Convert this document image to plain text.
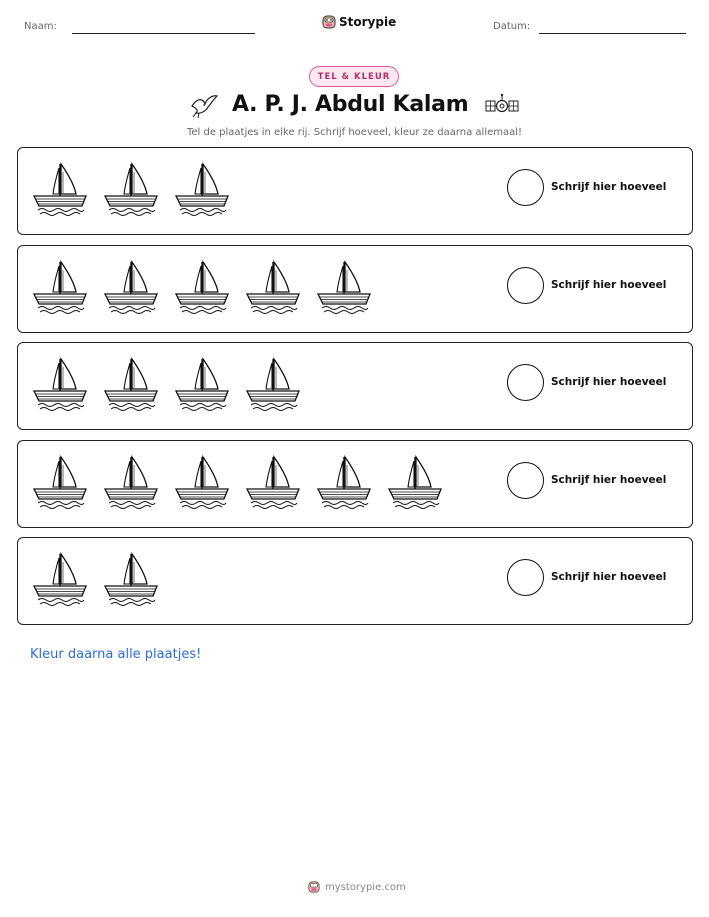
Naam:	Storypie	Datum:
TEL & KLEUR
A. P. J. Abdul Kalam
Tel de plaatjes in elke rij. Schrijf hoeveel, kleur ze daarna allemaal!
Schrijf hier hoeveel
Schrijf hier hoeveel
Schrijf hier hoeveel
Schrijf hier hoeveel
Schrijf hier hoeveel
Kleur daarna alle plaatjes!
mystorypie.com
